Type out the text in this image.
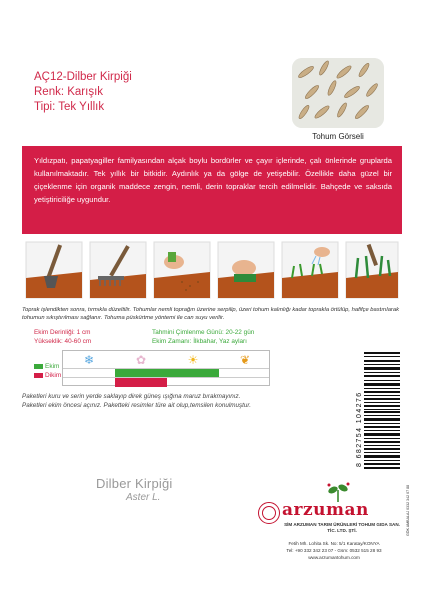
AÇ12-Dilber Kirpiği
Renk: Karışık
Tipi: Tek Yıllık
Tohum Görseli

Yıldızpatı, papatyagiller familyasından alçak boylu bordürler ve çayır içlerinde, çalı önlerinde gruplarda kullanılmaktadır. Tek yıllık bir bitkidir. Aydınlık ya da gölge de yetişebilir. Özellikle daha güzel bir çiçeklenme için organik maddece zengin, nemli, derin topraklar tercih edilmelidir. Bahçede ve saksıda yetiştiriciliğe uygundur.

Toprak işlendikten sonra, tırmıkla düzeltilir. Tohumlar nemli toprağın üzerine serpilip, üzeri tohum kalınlığı kadar toprakla örtülüp, hafifçe bastırılarak tohumun sıkıştırılması sağlanır. Tohuma püskürtme yöntemi ile can suyu verilir.
Ekim Derinliği: 1 cm
Yükseklik: 40-60 cm
Tahmini Çimlenme Günü: 20-22 gün
Ekim Zamanı: İlkbahar, Yaz ayları
Ekim
Dikim
❄	✿	☀	❦
Paketleri kuru ve serin yerde saklayıp direk güneş ışığına maruz bırakmayınız.
Paketleri ekim öncesi açınız. Paketteki resimler türe ait olup,temsilen konulmuştur.
Dilber Kirpiği
Aster L.
arzuman
SİM ARZUMAN TARIM ÜRÜNLERİ TOHUM GIDA SAN. TİC. LTD. ŞTİ.
Fetih Mh. Lohita Sk. No: 5/1 Karatay/KONYA
Tel: +90 332 342 23 07 - Gsm: 0532 515 28 93
www.arzumantohum.com
8 682754 104276
GÖK AMBALAJ 0332 342 07 88
